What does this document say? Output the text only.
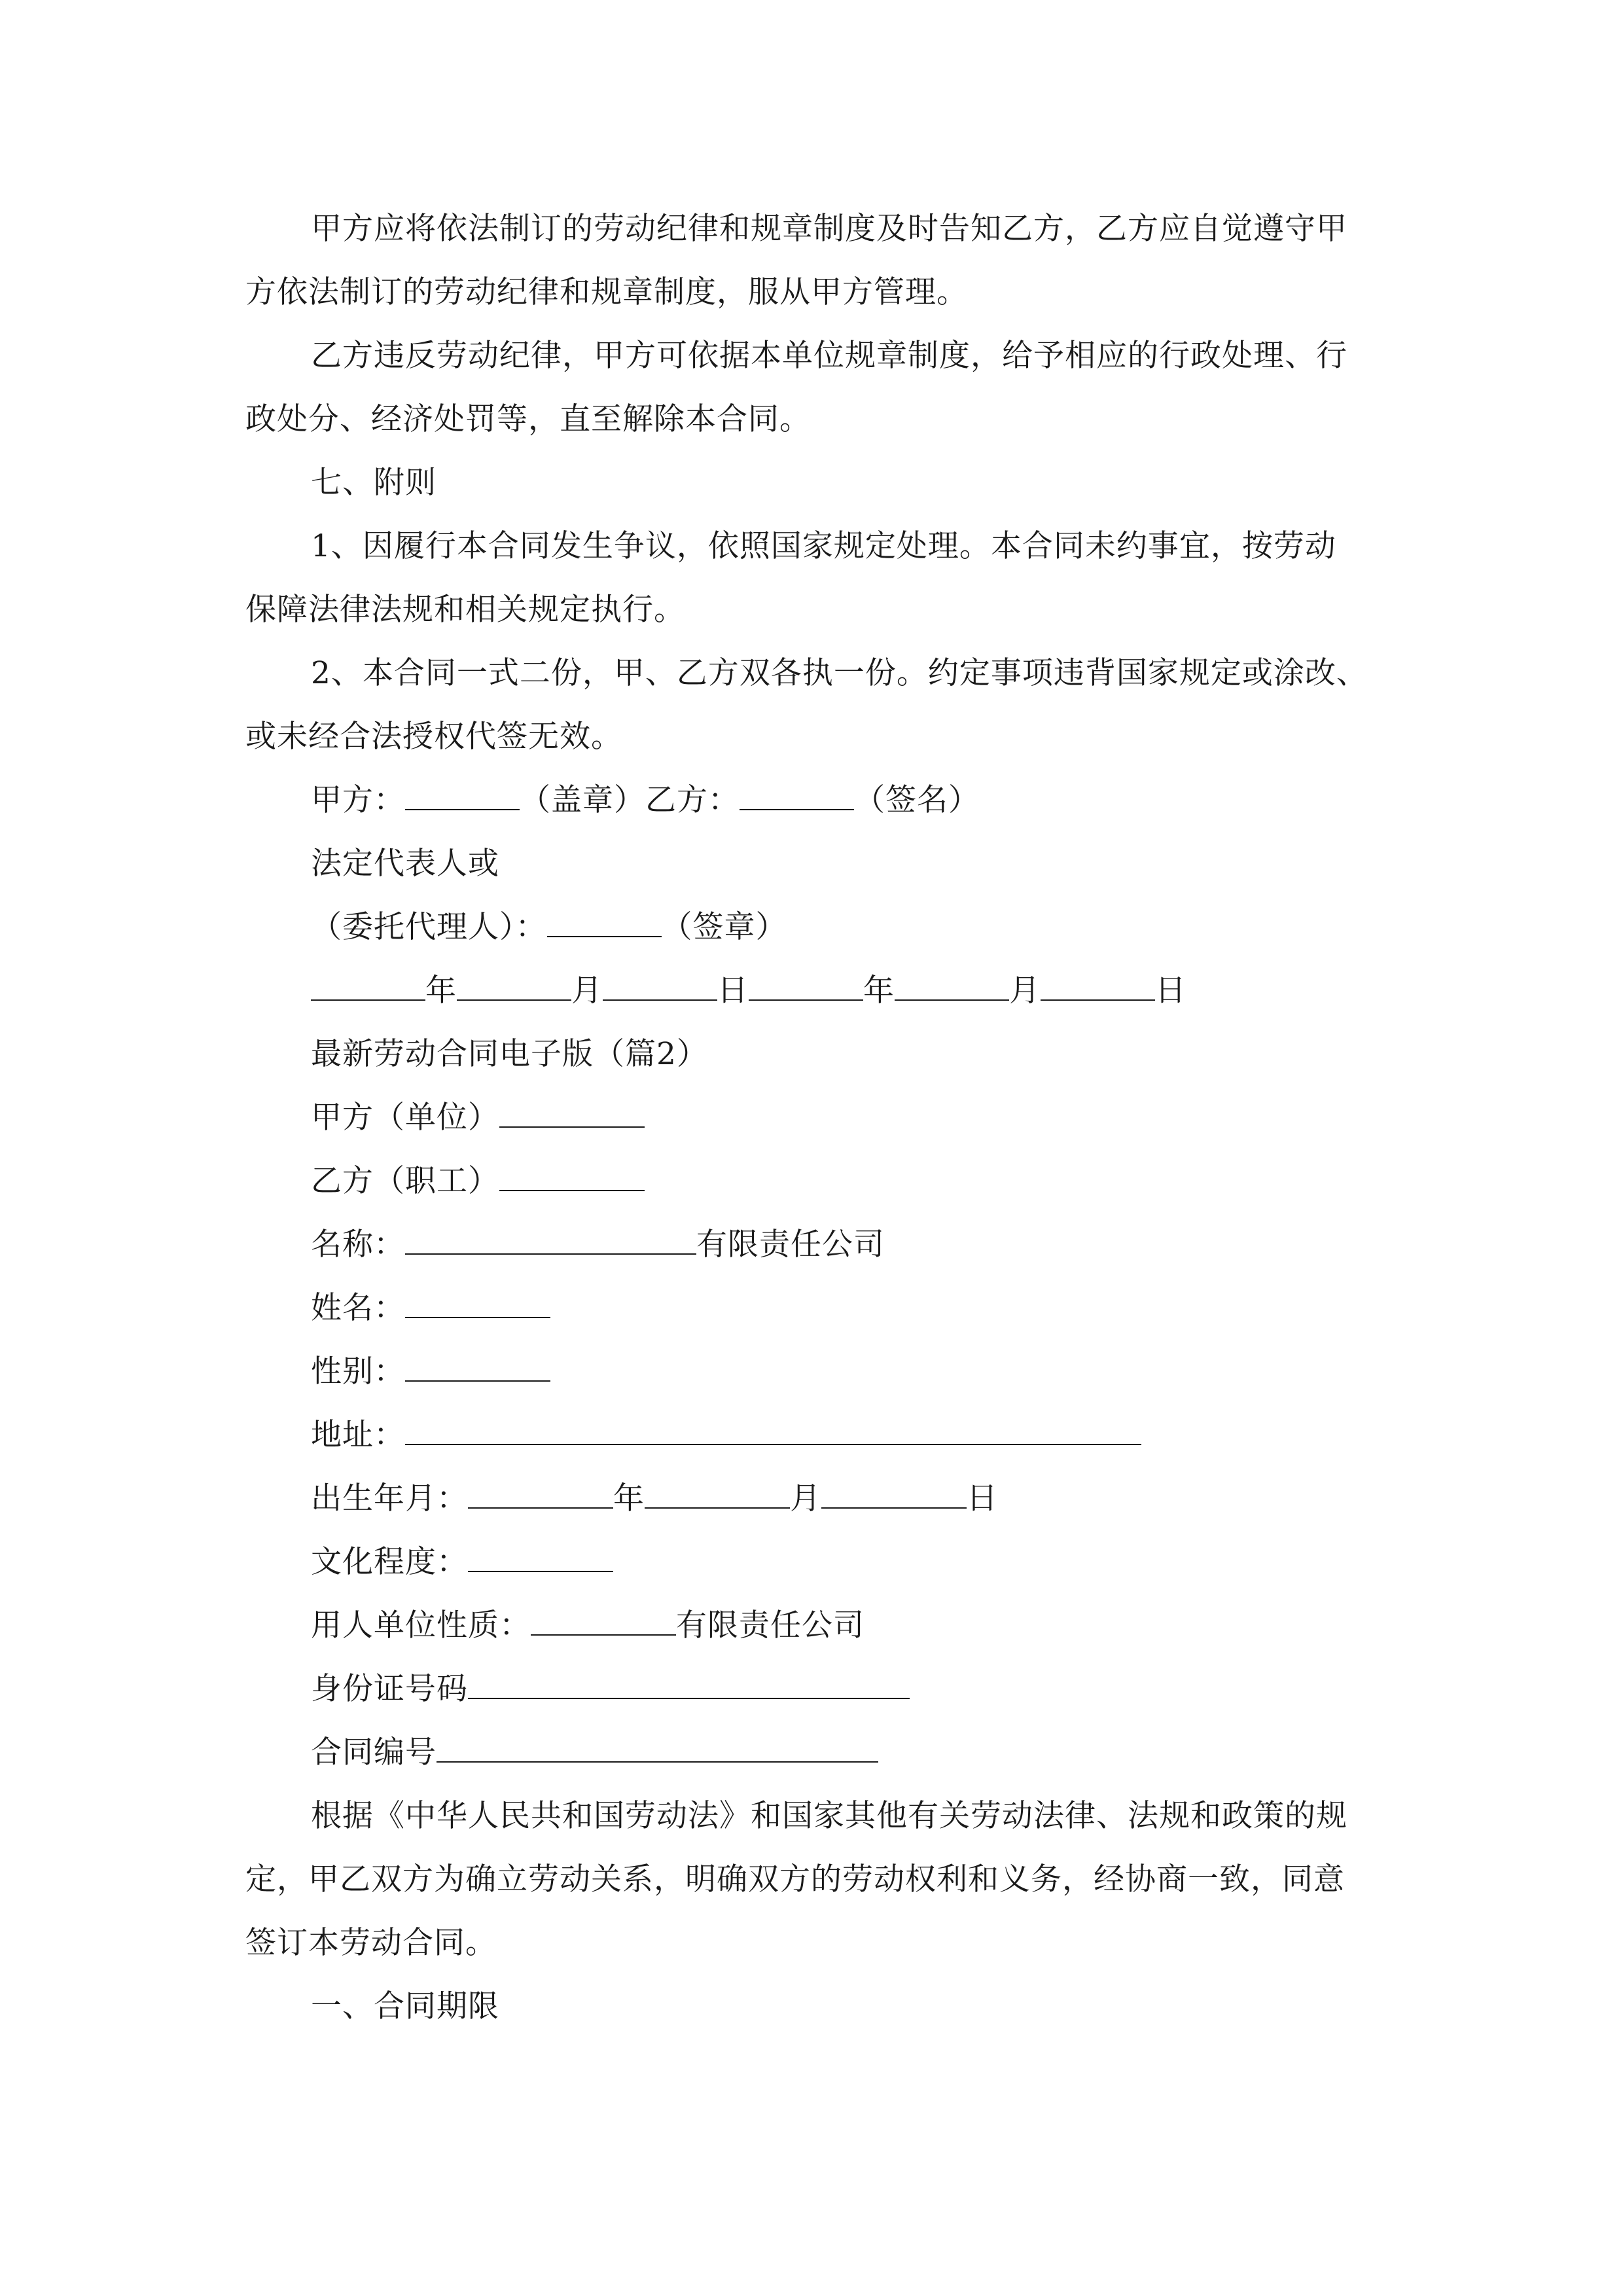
甲方应将依法制订的劳动纪律和规章制度及时告知乙方，乙方应自觉遵守甲
方依法制订的劳动纪律和规章制度，服从甲方管理。
乙方违反劳动纪律，甲方可依据本单位规章制度，给予相应的行政处理、行
政处分、经济处罚等，直至解除本合同。
七、附则
1、因履行本合同发生争议，依照国家规定处理。本合同未约事宜，按劳动
保障法律法规和相关规定执行。
2、本合同一式二份，甲、乙方双各执一份。约定事项违背国家规定或涂改、
或未经合法授权代签无效。
甲方：	（盖章）乙方：	（签名）
法定代表人或
（委托代理人）：	（签章）
年	月	日	年	月	日
最新劳动合同电子版（篇2）
甲方（单位）
乙方（职工）
名称：	有限责任公司
姓名：
性别：
地址：
出生年月：	年	月	日
文化程度：
用人单位性质：	有限责任公司
身份证号码
合同编号
根据《中华人民共和国劳动法》和国家其他有关劳动法律、法规和政策的规
定，甲乙双方为确立劳动关系，明确双方的劳动权利和义务，经协商一致，同意
签订本劳动合同。
一、合同期限
